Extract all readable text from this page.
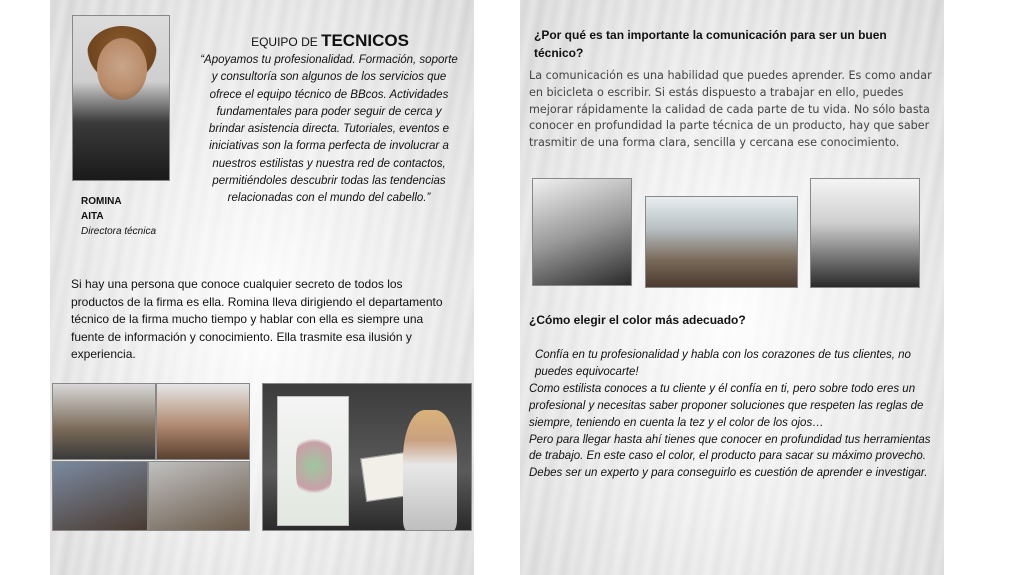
EQUIPO DE TECNICOS
“Apoyamos tu profesionalidad. Formación, soporte y consultoría son algunos de los servicios que ofrece el equipo técnico de BBcos. Actividades fundamentales para poder seguir de cerca y brindar asistencia directa. Tutoriales, eventos e iniciativas son la forma perfecta de involucrar a nuestros estilistas y nuestra red de contactos, permitiéndoles descubrir todas las tendencias relacionadas con el mundo del cabello.”
ROMINA
AITA
Directora técnica
Si hay una persona que conoce cualquier secreto de todos los productos de la firma es ella. Romina lleva dirigiendo el departamento técnico de la firma mucho tiempo y hablar con ella es siempre una fuente de información y conocimiento. Ella trasmite esa ilusión y experiencia.
¿Por qué es tan importante la comunicación para ser un buen técnico?
La comunicación es una habilidad que puedes aprender. Es como andar en bicicleta o escribir. Si estás dispuesto a trabajar en ello, puedes mejorar rápidamente la calidad de cada parte de tu vida. No sólo basta conocer en profundidad la parte técnica de un producto, hay que saber trasmitir de una forma clara, sencilla y cercana ese conocimiento.
¿Cómo elegir el color más adecuado?

Confía en tu profesionalidad y habla con los corazones de tus clientes, no puedes equivocarte!

Como estilista conoces a tu cliente y él confía en ti, pero sobre todo eres un profesional y necesitas saber proponer soluciones que respeten las reglas de siempre, teniendo en cuenta la tez y el color de los ojos…

Pero para llegar hasta ahí tienes que conocer en profundidad tus herramientas de trabajo. En este caso el color, el producto para sacar su máximo provecho. Debes ser un experto y para conseguirlo es cuestión de aprender e investigar.
